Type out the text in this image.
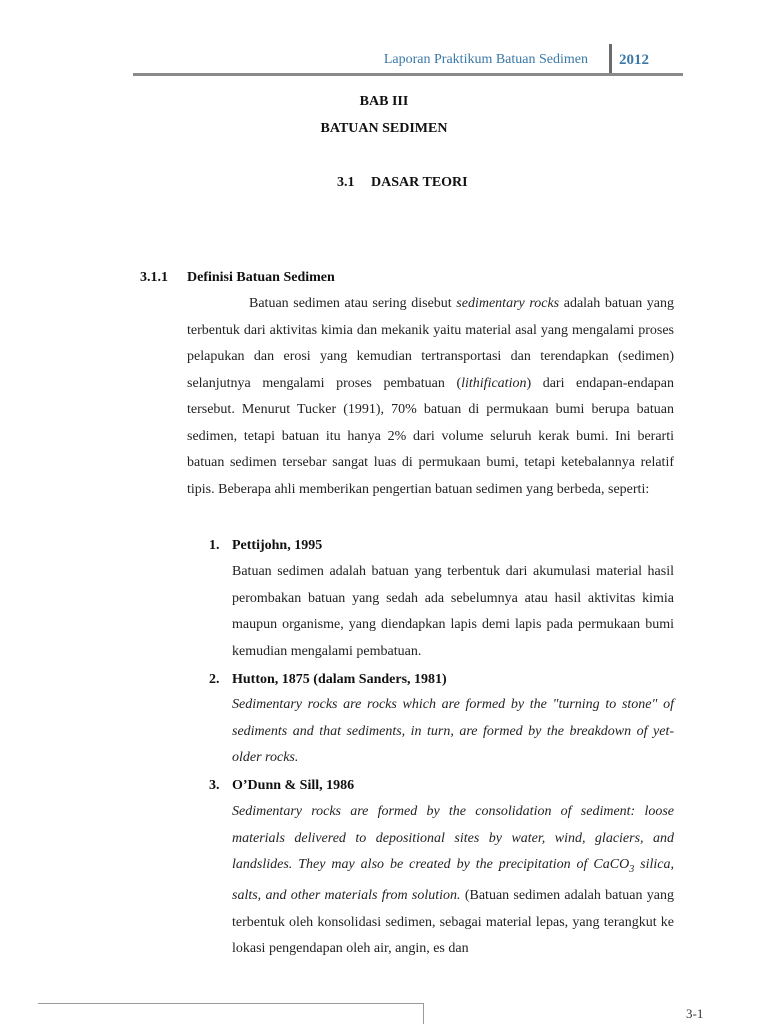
Laporan Praktikum Batuan Sedimen 2012
BAB III
BATUAN SEDIMEN
3.1 DASAR TEORI
3.1.1 Definisi Batuan Sedimen

Batuan sedimen atau sering disebut sedimentary rocks adalah batuan yang terbentuk dari aktivitas kimia dan mekanik yaitu material asal yang mengalami proses pelapukan dan erosi yang kemudian tertransportasi dan terendapkan (sedimen) selanjutnya mengalami proses pembatuan (lithification) dari endapan-endapan tersebut. Menurut Tucker (1991), 70% batuan di permukaan bumi berupa batuan sedimen, tetapi batuan itu hanya 2% dari volume seluruh kerak bumi. Ini berarti batuan sedimen tersebar sangat luas di permukaan bumi, tetapi ketebalannya relatif tipis. Beberapa ahli memberikan pengertian batuan sedimen yang berbeda, seperti:

1. Pettijohn, 1995

Batuan sedimen adalah batuan yang terbentuk dari akumulasi material hasil perombakan batuan yang sedah ada sebelumnya atau hasil aktivitas kimia maupun organisme, yang diendapkan lapis demi lapis pada permukaan bumi kemudian mengalami pembatuan.

2. Hutton, 1875 (dalam Sanders, 1981)

Sedimentary rocks are rocks which are formed by the "turning to stone" of sediments and that sediments, in turn, are formed by the breakdown of yet-older rocks.

3. O’Dunn & Sill, 1986

Sedimentary rocks are formed by the consolidation of sediment: loose materials delivered to depositional sites by water, wind, glaciers, and landslides. They may also be created by the precipitation of CaCO$_3$ silica, salts, and other materials from solution. (Batuan sedimen adalah batuan yang terbentuk oleh konsolidasi sedimen, sebagai material lepas, yang terangkut ke lokasi pengendapan oleh air, angin, es dan

3-1
